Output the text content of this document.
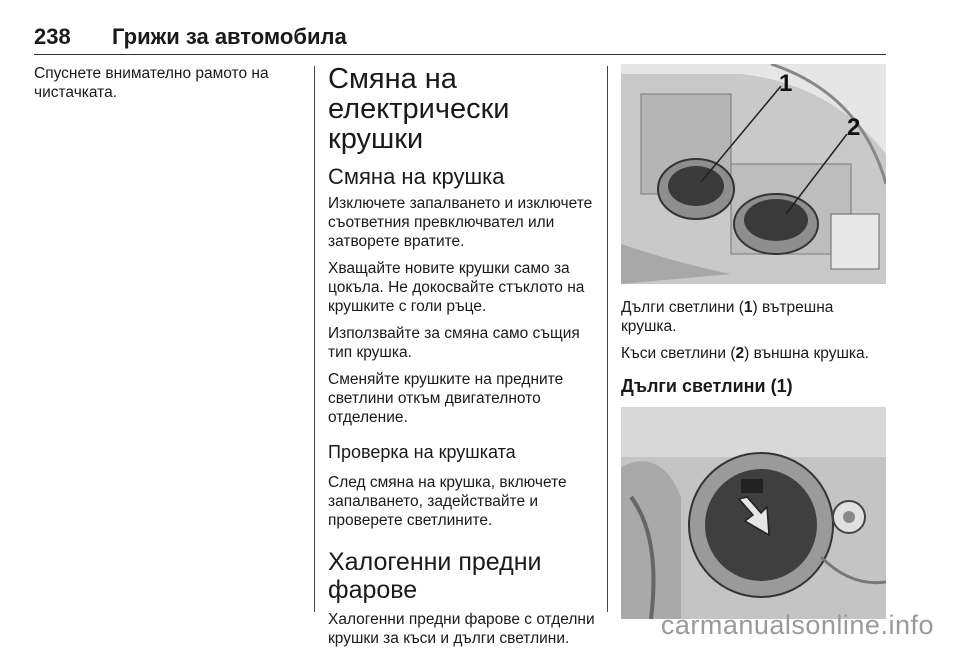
238 Грижи за автомобила

Спуснете внимателно рамото на чистачката.	Смяна на електрически крушки
Смяна на крушка

Изключете запалването и изключете съответния превключвател или затворете вратите.

Хващайте новите крушки само за цокъла. Не докосвайте стъклото на крушките с голи ръце.

Използвайте за смяна само същия тип крушка.

Сменяйте крушките на предните светлини откъм двигателното отделение.

Проверка на крушката

След смяна на крушка, включете запалването, задействайте и проверете светлините.

Халогенни предни фарове

Халогенни предни фарове с отделни крушки за къси и дълги светлини.

1
2

Дълги светлини (1) вътрешна крушка.

Къси светлини (2) външна крушка.

Дълги светлини (1)
carmanualsonline.info
